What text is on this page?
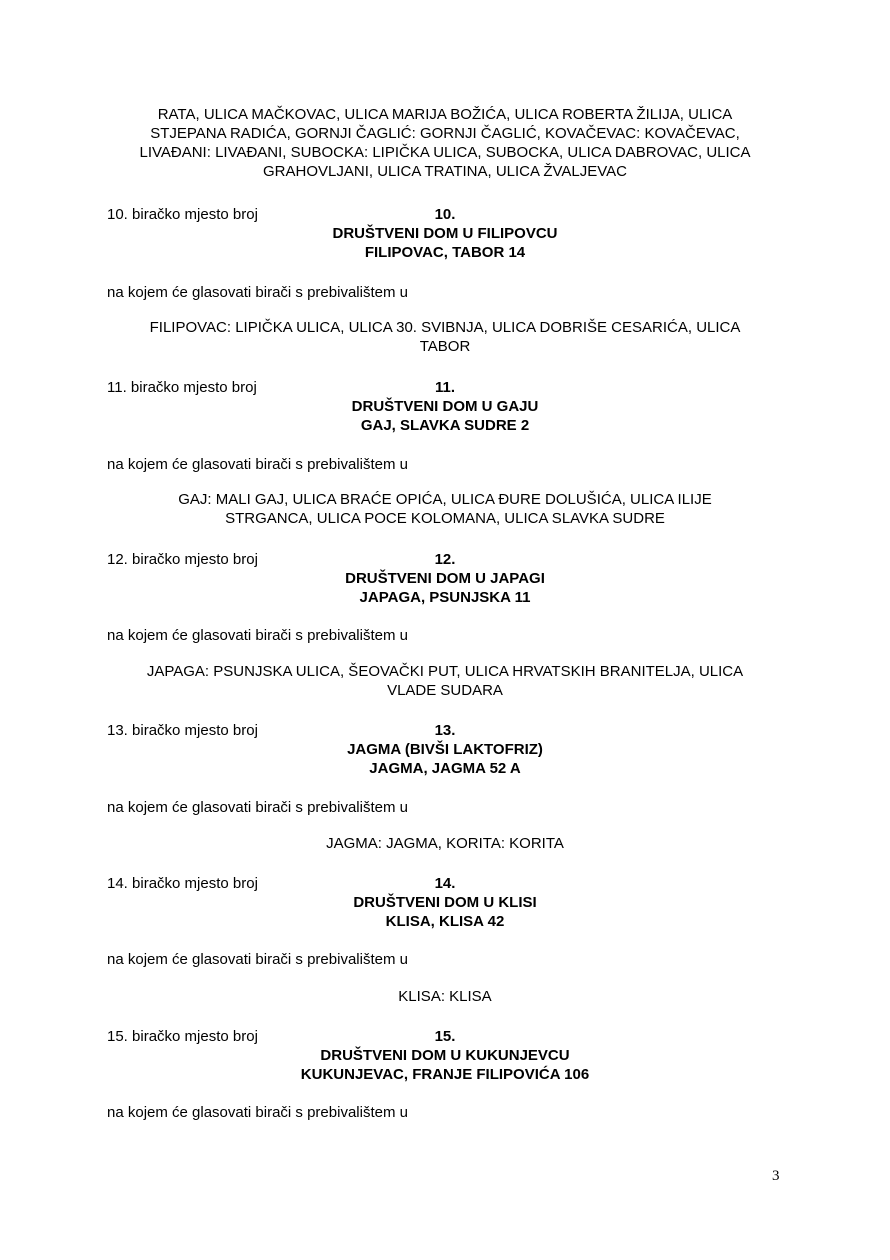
RATA, ULICA MAČKOVAC, ULICA MARIJA BOŽIĆA, ULICA ROBERTA ŽILIJA, ULICA
STJEPANA RADIĆA, GORNJI ČAGLIĆ: GORNJI ČAGLIĆ, KOVAČEVAC: KOVAČEVAC,
LIVAĐANI: LIVAĐANI, SUBOCKA: LIPIČKA ULICA, SUBOCKA, ULICA DABROVAC, ULICA
GRAHOVLJANI, ULICA TRATINA, ULICA ŽVALJEVAC
10. biračko mjesto broj	10.
DRUŠTVENI DOM U FILIPOVCU
FILIPOVAC, TABOR 14
na kojem će glasovati birači s prebivalištem u
FILIPOVAC: LIPIČKA ULICA, ULICA 30. SVIBNJA, ULICA DOBRIŠE CESARIĆA, ULICA
TABOR
11. biračko mjesto broj	11.
DRUŠTVENI DOM U GAJU
GAJ, SLAVKA SUDRE 2
na kojem će glasovati birači s prebivalištem u
GAJ: MALI GAJ, ULICA BRAĆE OPIĆA, ULICA ĐURE DOLUŠIĆA, ULICA ILIJE
STRGANCA, ULICA POCE KOLOMANA, ULICA SLAVKA SUDRE
12. biračko mjesto broj	12.
DRUŠTVENI DOM U JAPAGI
JAPAGA, PSUNJSKA 11
na kojem će glasovati birači s prebivalištem u
JAPAGA: PSUNJSKA ULICA, ŠEOVAČKI PUT, ULICA HRVATSKIH BRANITELJA, ULICA
VLADE SUDARA
13. biračko mjesto broj	13.
JAGMA (BIVŠI LAKTOFRIZ)
JAGMA, JAGMA 52 A
na kojem će glasovati birači s prebivalištem u
JAGMA: JAGMA, KORITA: KORITA
14. biračko mjesto broj	14.
DRUŠTVENI DOM U KLISI
KLISA, KLISA 42
na kojem će glasovati birači s prebivalištem u
KLISA: KLISA
15. biračko mjesto broj	15.
DRUŠTVENI DOM U KUKUNJEVCU
KUKUNJEVAC, FRANJE FILIPOVIĆA 106
na kojem će glasovati birači s prebivalištem u
3
